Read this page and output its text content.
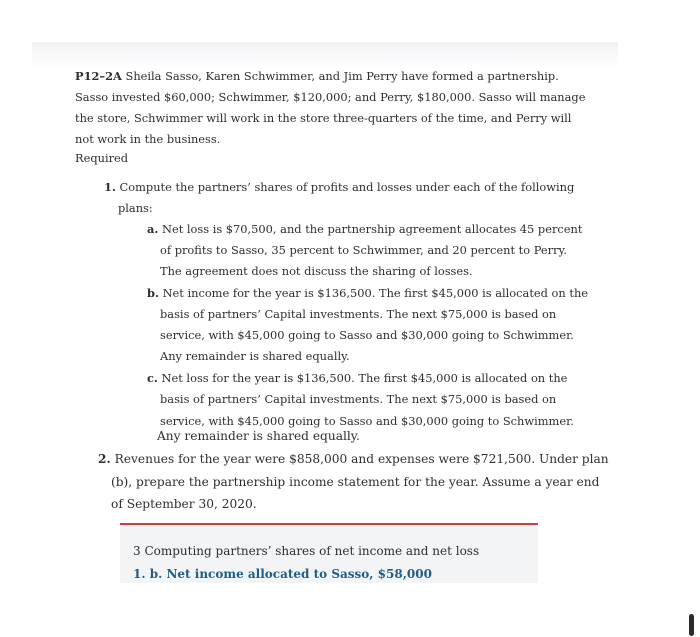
P12–2A Sheila Sasso, Karen Schwimmer, and Jim Perry have formed a partnership.
Sasso invested $60,000; Schwimmer, $120,000; and Perry, $180,000. Sasso will manage
the store, Schwimmer will work in the store three-quarters of the time, and Perry will
not work in the business.
Required
1. Compute the partners’ shares of profits and losses under each of the following
plans:
a. Net loss is $70,500, and the partnership agreement allocates 45 percent
of profits to Sasso, 35 percent to Schwimmer, and 20 percent to Perry.
The agreement does not discuss the sharing of losses.
b. Net income for the year is $136,500. The first $45,000 is allocated on the
basis of partners’ Capital investments. The next $75,000 is based on
service, with $45,000 going to Sasso and $30,000 going to Schwimmer.
Any remainder is shared equally.
c. Net loss for the year is $136,500. The first $45,000 is allocated on the
basis of partners’ Capital investments. The next $75,000 is based on
service, with $45,000 going to Sasso and $30,000 going to Schwimmer.
Any remainder is shared equally.
2. Revenues for the year were $858,000 and expenses were $721,500. Under plan
(b), prepare the partnership income statement for the year. Assume a year end
of September 30, 2020.
3 Computing partners’ shares of net income and net loss
1. b. Net income allocated to Sasso, $58,000
